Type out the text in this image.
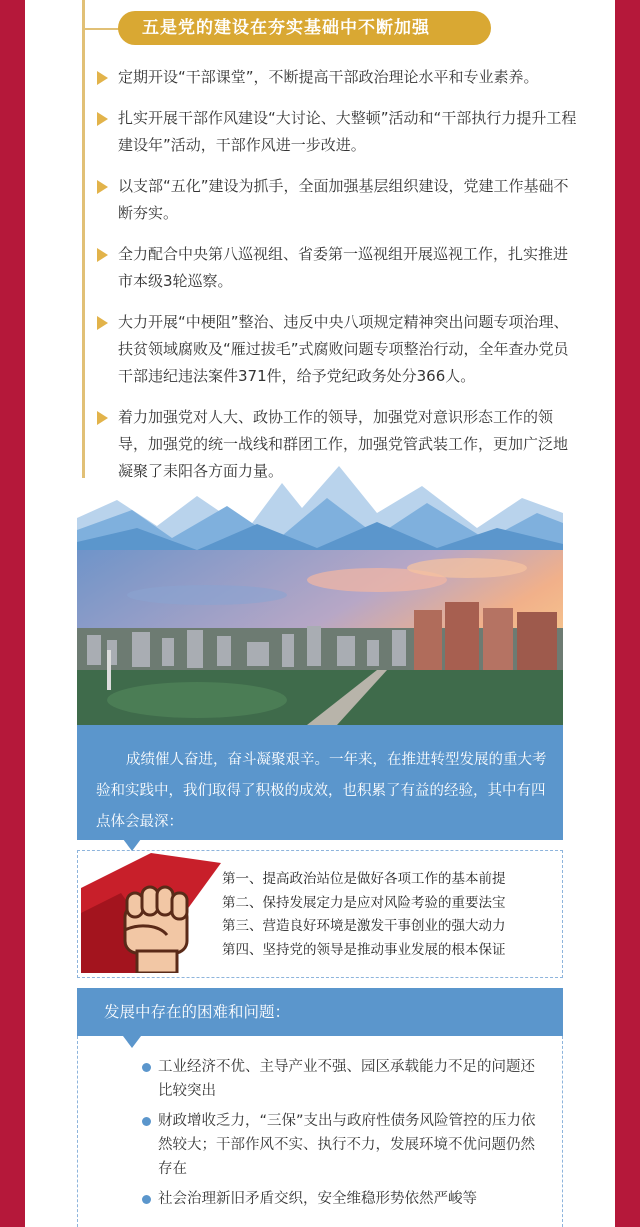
五是党的建设在夯实基础中不断加强
定期开设“干部课堂”，不断提高干部政治理论水平和专业素养。
扎实开展干部作风建设“大讨论、大整顿”活动和“干部执行力提升工程建设年”活动，干部作风进一步改进。
以支部“五化”建设为抓手，全面加强基层组织建设，党建工作基础不断夯实。
全力配合中央第八巡视组、省委第一巡视组开展巡视工作，扎实推进市本级3轮巡察。
大力开展“中梗阻”整治、违反中央八项规定精神突出问题专项治理、扶贫领域腐败及“雁过拔毛”式腐败问题专项整治行动，全年查办党员干部违纪违法案件371件，给予党纪政务处分366人。
着力加强党对人大、政协工作的领导，加强党对意识形态工作的领导，加强党的统一战线和群团工作，加强党管武装工作，更加广泛地凝聚了耒阳各方面力量。

成绩催人奋进，奋斗凝聚艰辛。一年来，在推进转型发展的重大考验和实践中，我们取得了积极的成效，也积累了有益的经验，其中有四点体会最深：

第一、提高政治站位是做好各项工作的基本前提
第二、保持发展定力是应对风险考验的重要法宝
第三、营造良好环境是激发干事创业的强大动力
第四、坚持党的领导是推动事业发展的根本保证
发展中存在的困难和问题：
工业经济不优、主导产业不强、园区承载能力不足的问题还比较突出
财政增收乏力，“三保”支出与政府性债务风险管控的压力依然较大；干部作风不实、执行不力，发展环境不优问题仍然存在
社会治理新旧矛盾交织，安全维稳形势依然严峻等
